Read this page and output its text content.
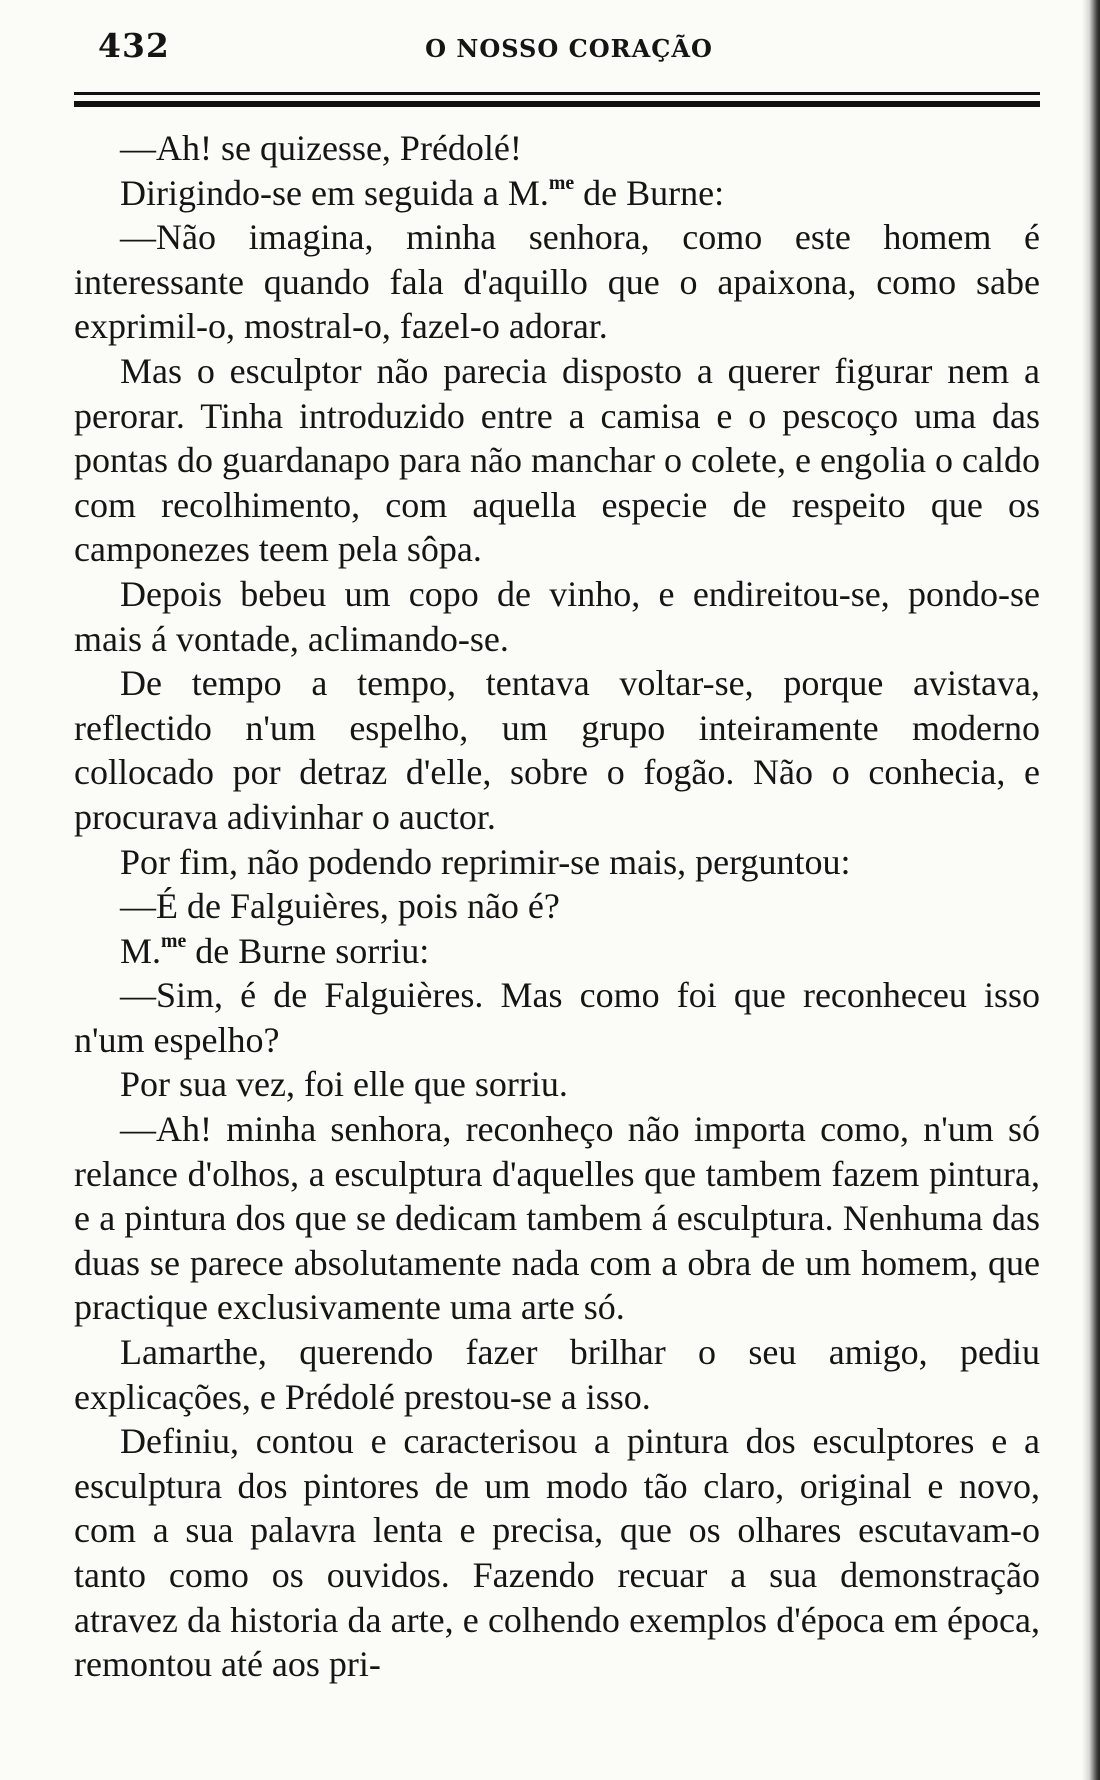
432	O NOSSO CORAÇÃO

—Ah! se quizesse, Prédolé!

Dirigindo-se em seguida a M.$^{me}$ de Burne:

—Não imagina, minha senhora, como este homem é interessante quando fala d'aquillo que o apaixona, como sabe exprimil-o, mostral-o, fazel-o adorar.

Mas o esculptor não parecia disposto a querer figurar nem a perorar. Tinha introduzido entre a camisa e o pescoço uma das pontas do guardanapo para não manchar o colete, e engolia o caldo com recolhimento, com aquella especie de respeito que os camponezes teem pela sôpa.

Depois bebeu um copo de vinho, e endireitou-se, pondo-se mais á vontade, aclimando-se.

De tempo a tempo, tentava voltar-se, porque avistava, reflectido n'um espelho, um grupo inteiramente moderno collocado por detraz d'elle, sobre o fogão. Não o conhecia, e procurava adivinhar o auctor.

Por fim, não podendo reprimir-se mais, perguntou:

—É de Falguières, pois não é?

M.$^{me}$ de Burne sorriu:

—Sim, é de Falguières. Mas como foi que reconheceu isso n'um espelho?

Por sua vez, foi elle que sorriu.

—Ah! minha senhora, reconheço não importa como, n'um só relance d'olhos, a esculptura d'aquelles que tambem fazem pintura, e a pintura dos que se dedicam tambem á esculptura. Nenhuma das duas se parece absolutamente nada com a obra de um homem, que practique exclusivamente uma arte só.

Lamarthe, querendo fazer brilhar o seu amigo, pediu explicações, e Prédolé prestou-se a isso.

Definiu, contou e caracterisou a pintura dos esculptores e a esculptura dos pintores de um modo tão claro, original e novo, com a sua palavra lenta e precisa, que os olhares escutavam-o tanto como os ouvidos. Fazendo recuar a sua demonstração atravez da historia da arte, e colhendo exemplos d'época em época, remontou até aos pri-
